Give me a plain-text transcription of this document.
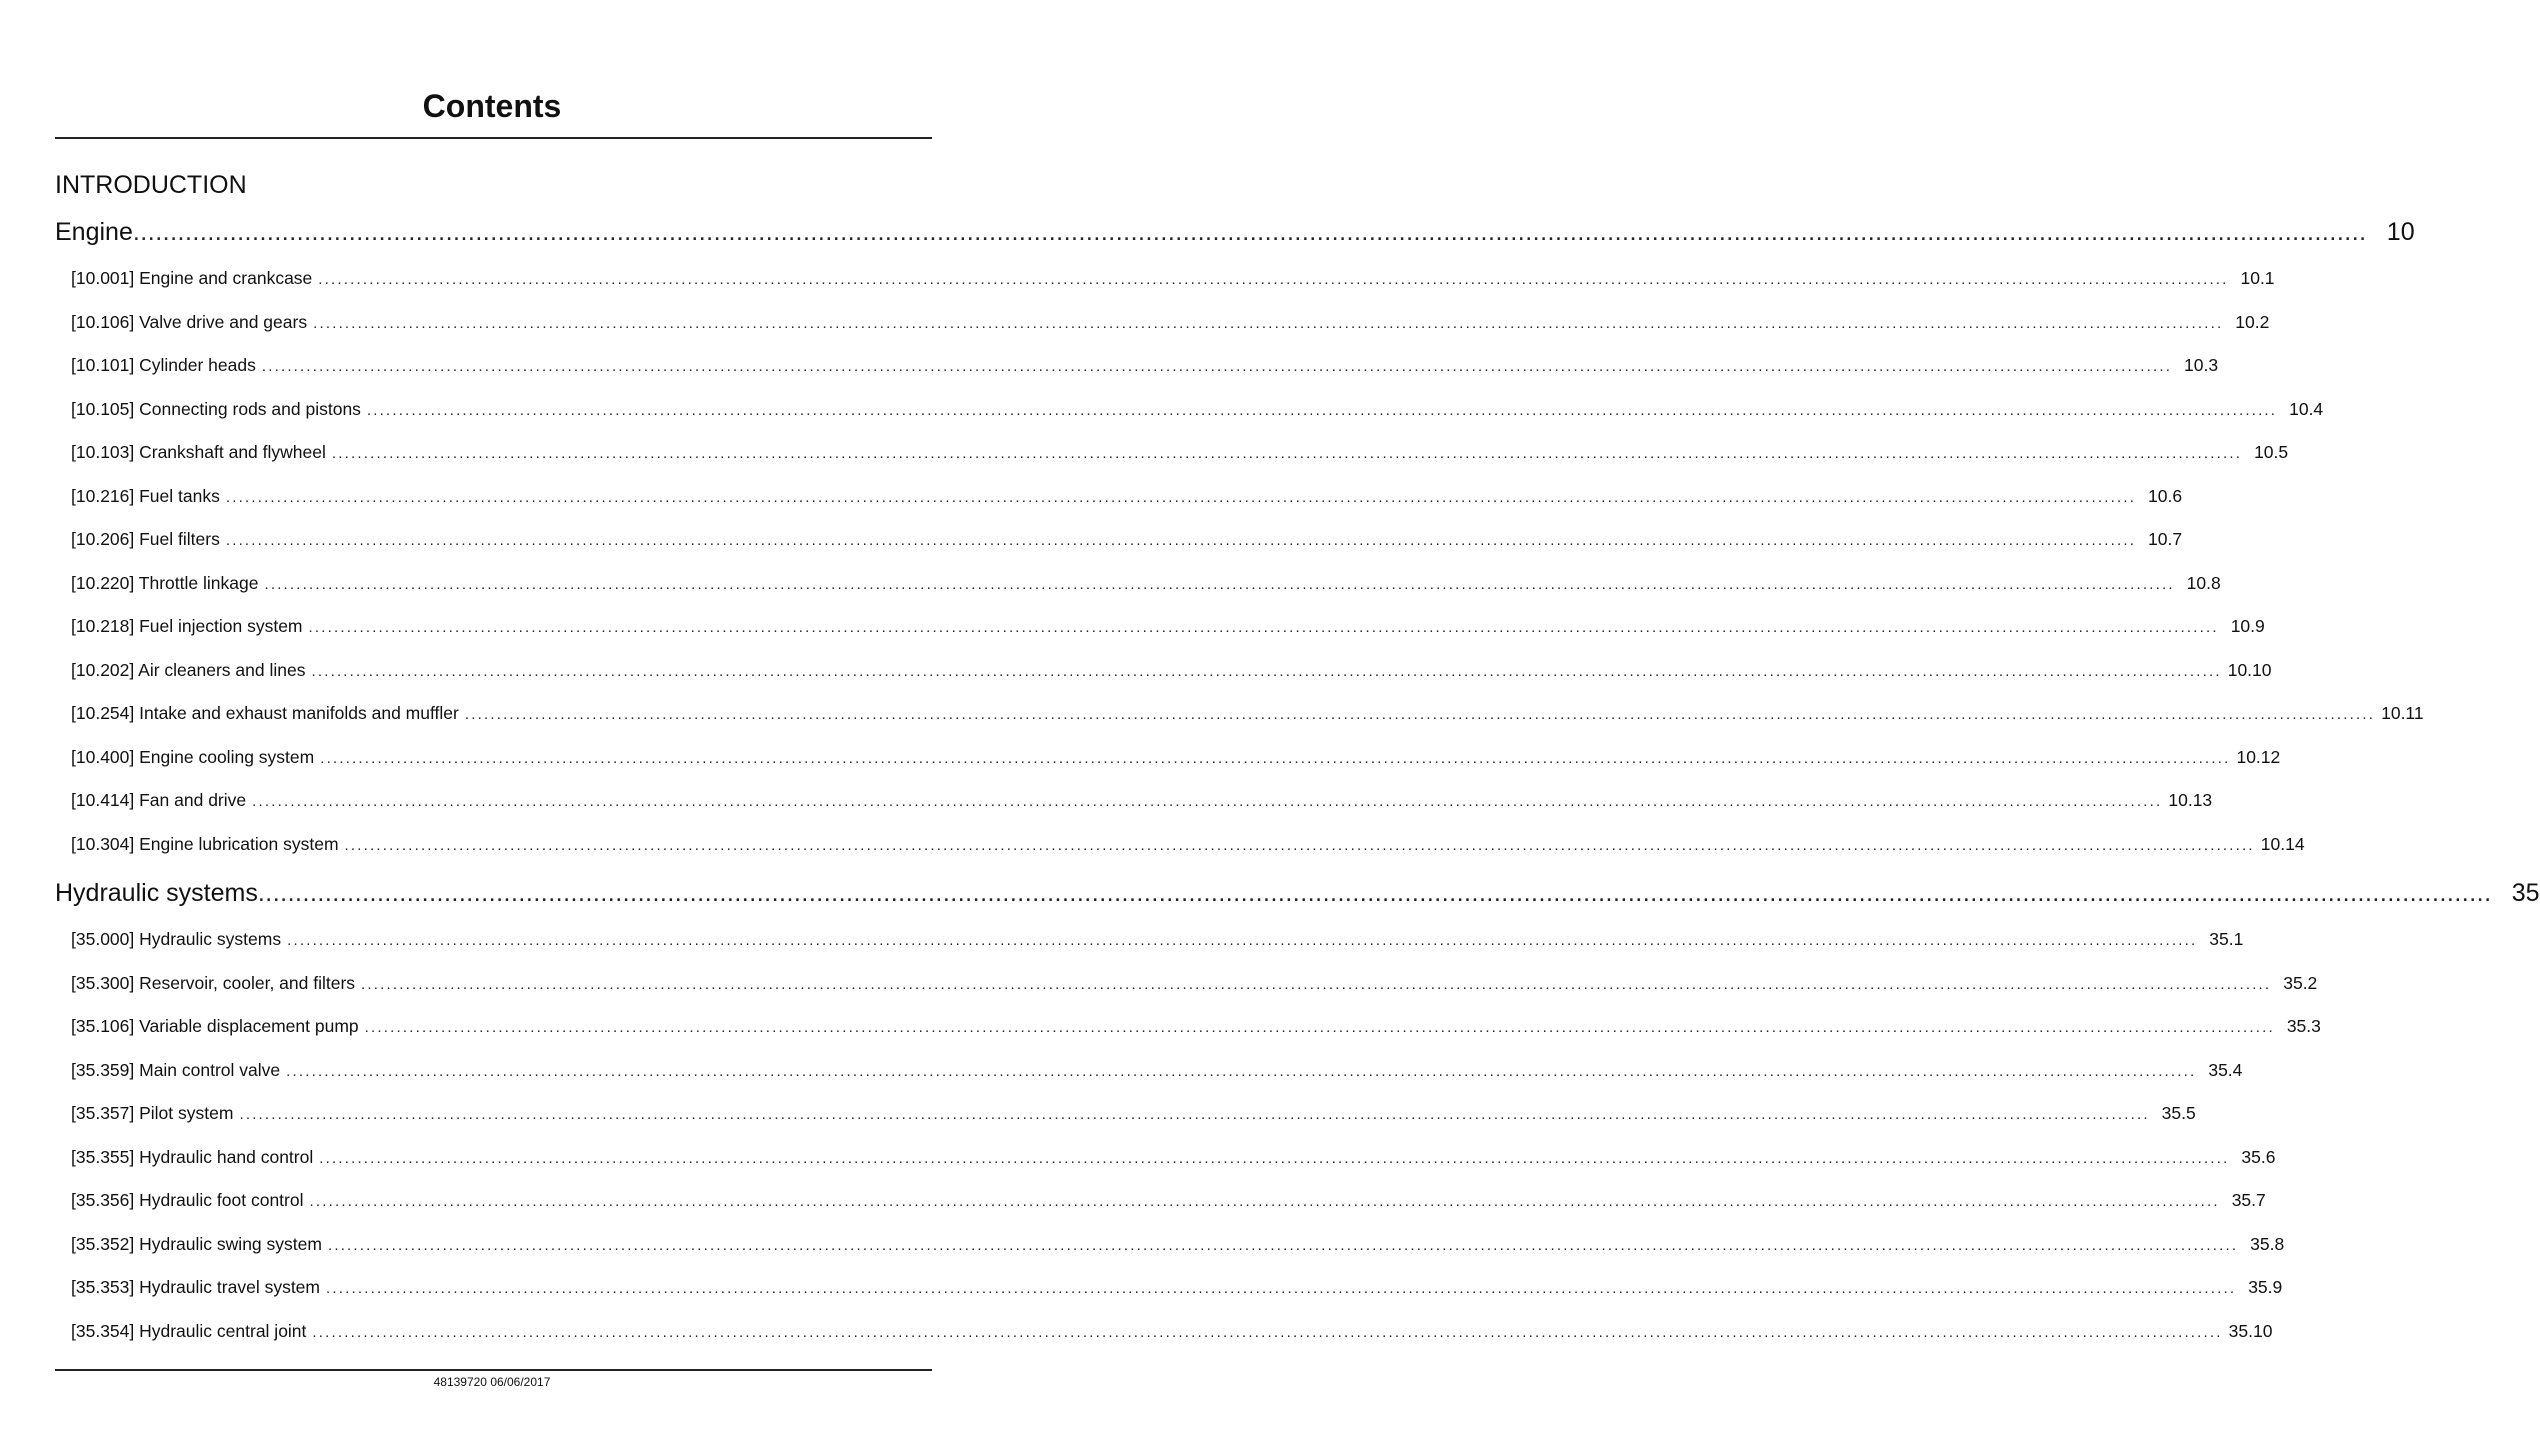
Contents
INTRODUCTION
Engine ............................................................................................................................................................................................................................................................................................................ 10
[10.001] Engine and crankcase ............................................................................................................................................................................................................................................................................................................ 10.1
[10.106] Valve drive and gears ............................................................................................................................................................................................................................................................................................................ 10.2
[10.101] Cylinder heads ............................................................................................................................................................................................................................................................................................................ 10.3
[10.105] Connecting rods and pistons ............................................................................................................................................................................................................................................................................................................ 10.4
[10.103] Crankshaft and flywheel ............................................................................................................................................................................................................................................................................................................ 10.5
[10.216] Fuel tanks ............................................................................................................................................................................................................................................................................................................ 10.6
[10.206] Fuel filters ............................................................................................................................................................................................................................................................................................................ 10.7
[10.220] Throttle linkage ............................................................................................................................................................................................................................................................................................................ 10.8
[10.218] Fuel injection system ............................................................................................................................................................................................................................................................................................................ 10.9
[10.202] Air cleaners and lines ............................................................................................................................................................................................................................................................................................................ 10.10
[10.254] Intake and exhaust manifolds and muffler ............................................................................................................................................................................................................................................................................................................ 10.11
[10.400] Engine cooling system ............................................................................................................................................................................................................................................................................................................ 10.12
[10.414] Fan and drive ............................................................................................................................................................................................................................................................................................................ 10.13
[10.304] Engine lubrication system ............................................................................................................................................................................................................................................................................................................ 10.14
Hydraulic systems ............................................................................................................................................................................................................................................................................................................ 35
[35.000] Hydraulic systems ............................................................................................................................................................................................................................................................................................................ 35.1
[35.300] Reservoir, cooler, and filters ............................................................................................................................................................................................................................................................................................................ 35.2
[35.106] Variable displacement pump ............................................................................................................................................................................................................................................................................................................ 35.3
[35.359] Main control valve ............................................................................................................................................................................................................................................................................................................ 35.4
[35.357] Pilot system ............................................................................................................................................................................................................................................................................................................ 35.5
[35.355] Hydraulic hand control ............................................................................................................................................................................................................................................................................................................ 35.6
[35.356] Hydraulic foot control ............................................................................................................................................................................................................................................................................................................ 35.7
[35.352] Hydraulic swing system ............................................................................................................................................................................................................................................................................................................ 35.8
[35.353] Hydraulic travel system ............................................................................................................................................................................................................................................................................................................ 35.9
[35.354] Hydraulic central joint ............................................................................................................................................................................................................................................................................................................ 35.10
48139720 06/06/2017
